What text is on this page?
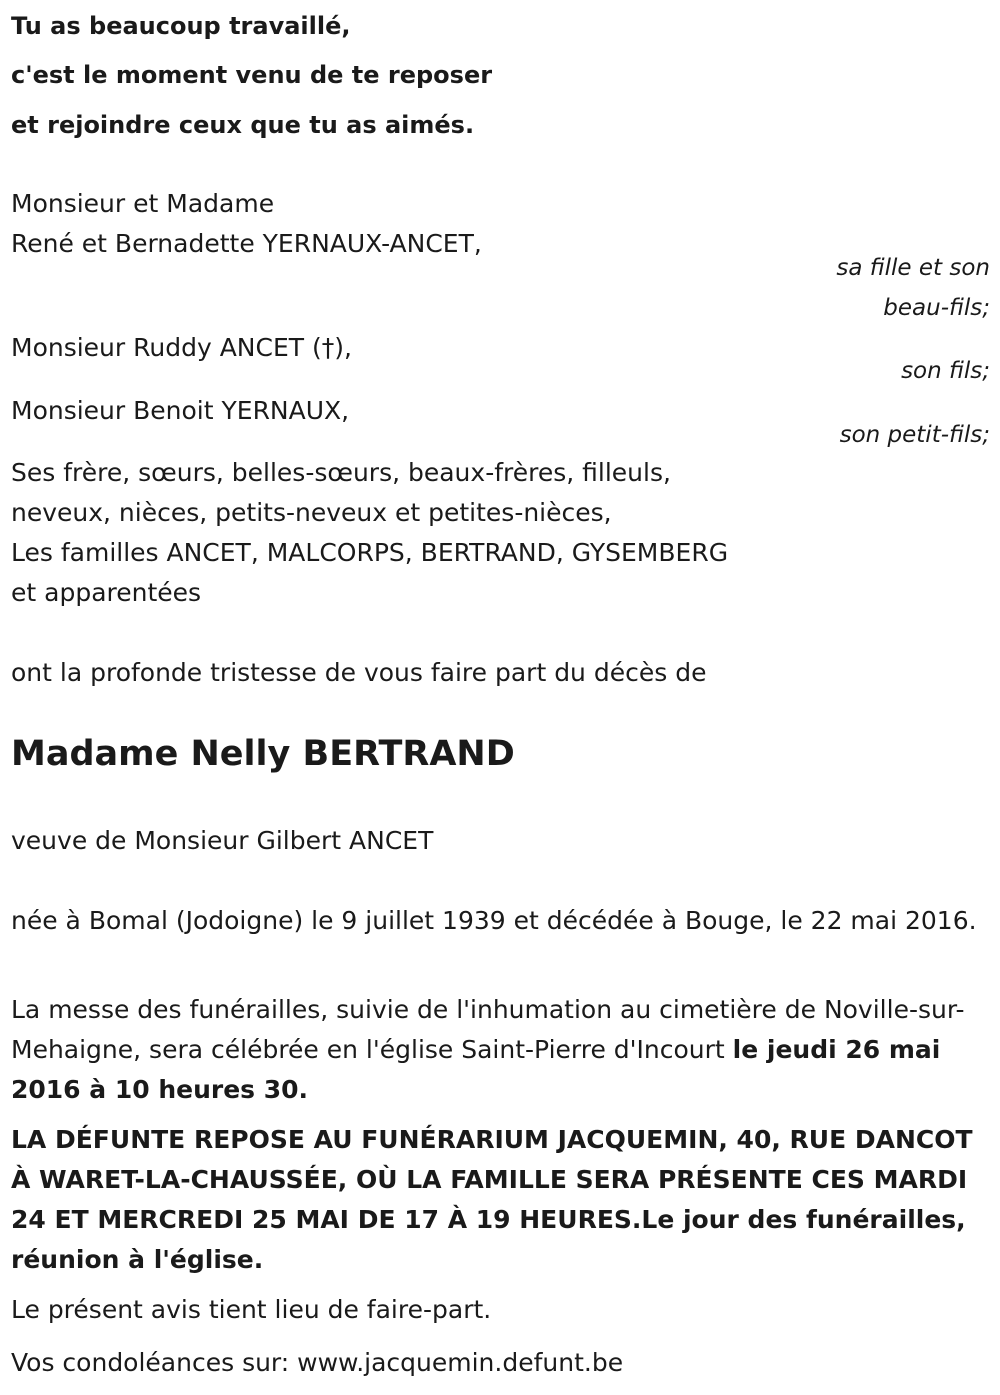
Tu as beaucoup travaillé,
c'est le moment venu de te reposer
et rejoindre ceux que tu as aimés.
Monsieur et Madame
René et Bernadette YERNAUX-ANCET,
sa fille et son
beau-fils;
Monsieur Ruddy ANCET (†),
son fils;
Monsieur Benoit YERNAUX,
son petit-fils;
Ses frère, sœurs, belles-sœurs, beaux-frères, filleuls,
neveux, nièces, petits-neveux et petites-nièces,
Les familles ANCET, MALCORPS, BERTRAND, GYSEMBERG
et apparentées
ont la profonde tristesse de vous faire part du décès de
Madame Nelly BERTRAND
veuve de Monsieur Gilbert ANCET
née à Bomal (Jodoigne) le 9 juillet 1939 et décédée à Bouge, le 22 mai 2016.
La messe des funérailles, suivie de l'inhumation au cimetière de Noville-sur-Mehaigne, sera célébrée en l'église Saint-Pierre d'Incourt le jeudi 26 mai 2016 à 10 heures 30.
LA DÉFUNTE REPOSE AU FUNÉRARIUM JACQUEMIN, 40, RUE DANCOT À WARET-LA-CHAUSSÉE, OÙ LA FAMILLE SERA PRÉSENTE CES MARDI 24 ET MERCREDI 25 MAI DE 17 À 19 HEURES.Le jour des funérailles, réunion à l'église.
Le présent avis tient lieu de faire-part.
Vos condoléances sur: www.jacquemin.defunt.be
